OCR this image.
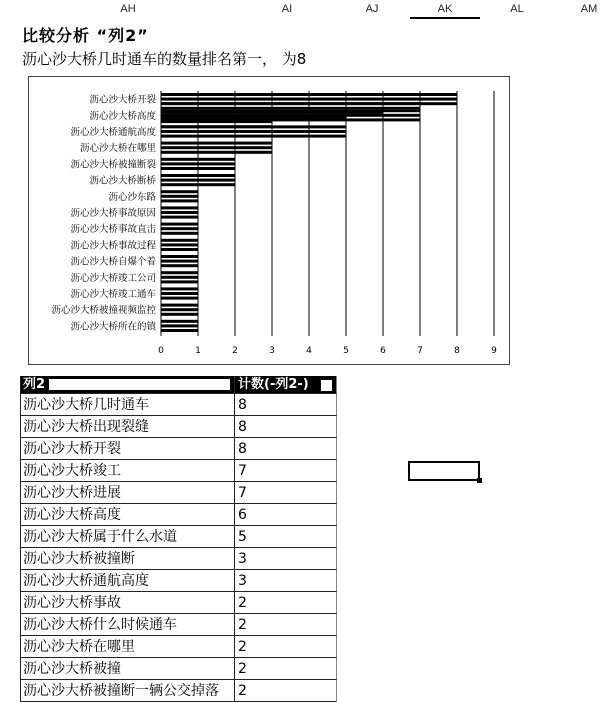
AH	AI	AJ	AK	AL	AM
比较分析 “列2”
沥心沙大桥几时通车的数量排名第一， 为8
0	1	2	3	4	5	6	7	8	9
沥心沙大桥开裂
沥心沙大桥高度
沥心沙大桥通航高度
沥心沙大桥在哪里
沥心沙大桥被撞断裂
沥心沙大桥断桥
沥心沙东路
沥心沙大桥事故原因
沥心沙大桥事故直击
沥心沙大桥事故过程
沥心沙大桥自爆个着
沥心沙大桥竣工公司
沥心沙大桥竣工通车
沥心沙大桥被撞视频监控
沥心沙大桥所在的镇
列2	计数(-列2-)
沥心沙大桥几时通车	8
沥心沙大桥出现裂缝	8
沥心沙大桥开裂	8
沥心沙大桥竣工	7
沥心沙大桥进展	7
沥心沙大桥高度	6
沥心沙大桥属于什么水道	5
沥心沙大桥被撞断	3
沥心沙大桥通航高度	3
沥心沙大桥事故	2
沥心沙大桥什么时候通车	2
沥心沙大桥在哪里	2
沥心沙大桥被撞	2
沥心沙大桥被撞断一辆公交掉落	2
